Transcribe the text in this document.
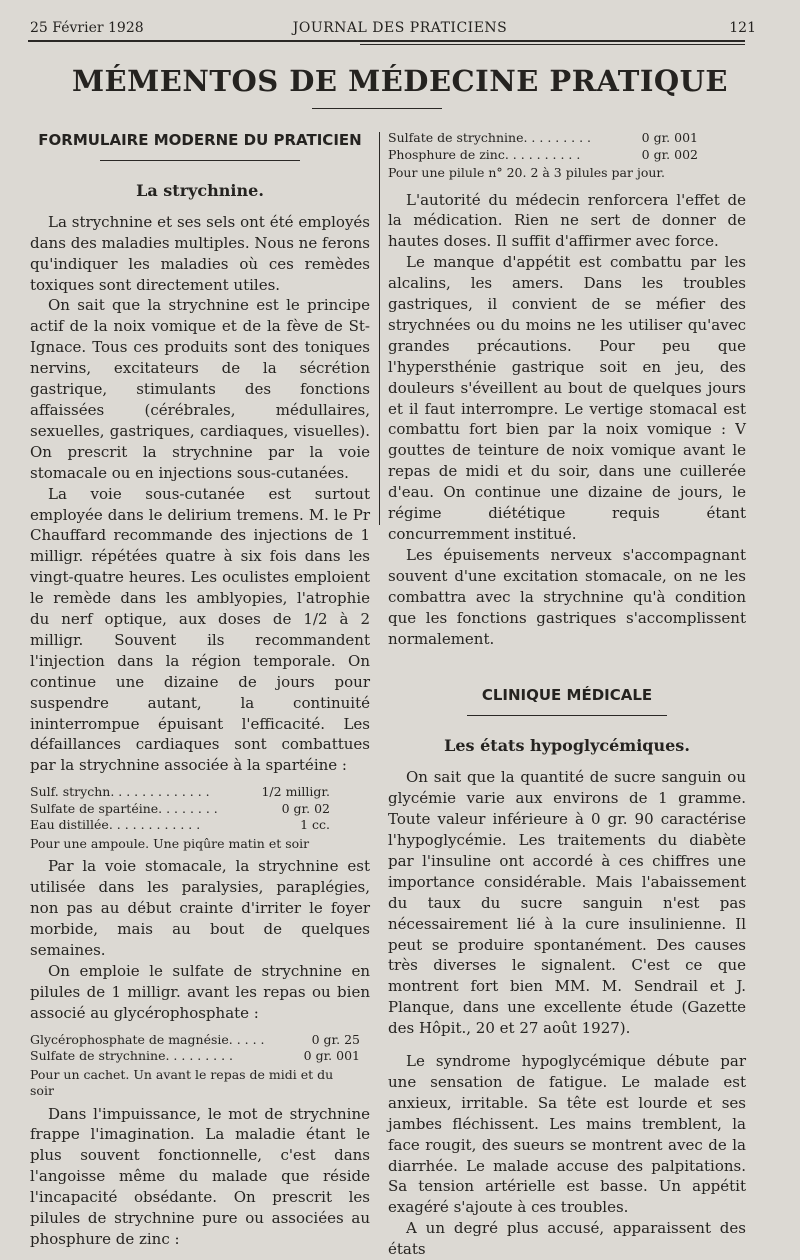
25 Février 1928	JOURNAL DES PRATICIENS	121
MÉMENTOS DE MÉDECINE PRATIQUE
FORMULAIRE MODERNE DU PRATICIEN
La strychnine.

La strychnine et ses sels ont été employés dans des maladies multiples. Nous ne ferons qu'indiquer les maladies où ces remèdes toxiques sont directement utiles.

On sait que la strychnine est le principe actif de la noix vomique et de la fève de St-Ignace. Tous ces produits sont des toniques nervins, excitateurs de la sécrétion gastrique, stimulants des fonctions affaissées (cérébrales, médullaires, sexuelles, gastriques, cardiaques, visuelles). On prescrit la strychnine par la voie stomacale ou en injections sous-cutanées.

La voie sous-cutanée est surtout employée dans le delirium tremens. M. le Pr Chauffard recommande des injections de 1 milligr. répétées quatre à six fois dans les vingt-quatre heures. Les oculistes emploient le remède dans les amblyopies, l'atrophie du nerf optique, aux doses de 1/2 à 2 milligr. Souvent ils recommandent l'injection dans la région temporale. On continue une dizaine de jours pour suspendre autant, la continuité ininterrompue épuisant l'efficacité. Les défaillances cardiaques sont combattues par la strychnine associée à la spartéine :

Sulf. strychn. . . . . . . . . . . . .	1/2 milligr.
Sulfate de spartéine. . . . . . . .	0 gr. 02
Eau distillée. . . . . . . . . . . .	1 cc.
Pour une ampoule. Une piqûre matin et soir

Par la voie stomacale, la strychnine est utilisée dans les paralysies, paraplégies, non pas au début crainte d'irriter le foyer morbide, mais au bout de quelques semaines.

On emploie le sulfate de strychnine en pilules de 1 milligr. avant les repas ou bien associé au glycérophosphate :

Glycérophosphate de magnésie. . . . .	0 gr. 25
Sulfate de strychnine. . . . . . . . .	0 gr. 001
Pour un cachet. Un avant le repas de midi et du soir

Dans l'impuissance, le mot de strychnine frappe l'imagination. La maladie étant le plus souvent fonctionnelle, c'est dans l'angoisse même du malade que réside l'incapacité obsédante. On prescrit les pilules de strychnine pure ou associées au phosphure de zinc :

Sulfate de strychnine. . . . . . . . .	0 gr. 001
Phosphure de zinc. . . . . . . . . .	0 gr. 002
Pour une pilule n° 20. 2 à 3 pilules par jour.

L'autorité du médecin renforcera l'effet de la médication. Rien ne sert de donner de hautes doses. Il suffit d'affirmer avec force.

Le manque d'appétit est combattu par les alcalins, les amers. Dans les troubles gastriques, il convient de se méfier des strychnées ou du moins ne les utiliser qu'avec grandes précautions. Pour peu que l'hypersthénie gastrique soit en jeu, des douleurs s'éveillent au bout de quelques jours et il faut interrompre. Le vertige stomacal est combattu fort bien par la noix vomique : V gouttes de teinture de noix vomique avant le repas de midi et du soir, dans une cuillerée d'eau. On continue une dizaine de jours, le régime diététique requis étant concurremment institué.

Les épuisements nerveux s'accompagnant souvent d'une excitation stomacale, on ne les combattra avec la strychnine qu'à condition que les fonctions gastriques s'accomplissent normalement.

CLINIQUE MÉDICALE
Les états hypoglycémiques.

On sait que la quantité de sucre sanguin ou glycémie varie aux environs de 1 gramme. Toute valeur inférieure à 0 gr. 90 caractérise l'hypoglycémie. Les traitements du diabète par l'insuline ont accordé à ces chiffres une importance considérable. Mais l'abaissement du taux du sucre sanguin n'est pas nécessairement lié à la cure insulinienne. Il peut se produire spontanément. Des causes très diverses le signalent. C'est ce que montrent fort bien MM. M. Sendrail et J. Planque, dans une excellente étude (Gazette des Hôpit., 20 et 27 août 1927).

Le syndrome hypoglycémique débute par une sensation de fatigue. Le malade est anxieux, irritable. Sa tête est lourde et ses jambes fléchissent. Les mains tremblent, la face rougit, des sueurs se montrent avec de la diarrhée. Le malade accuse des palpitations. Sa tension artérielle est basse. Un appétit exagéré s'ajoute à ces troubles.

A un degré plus accusé, apparaissent des états
